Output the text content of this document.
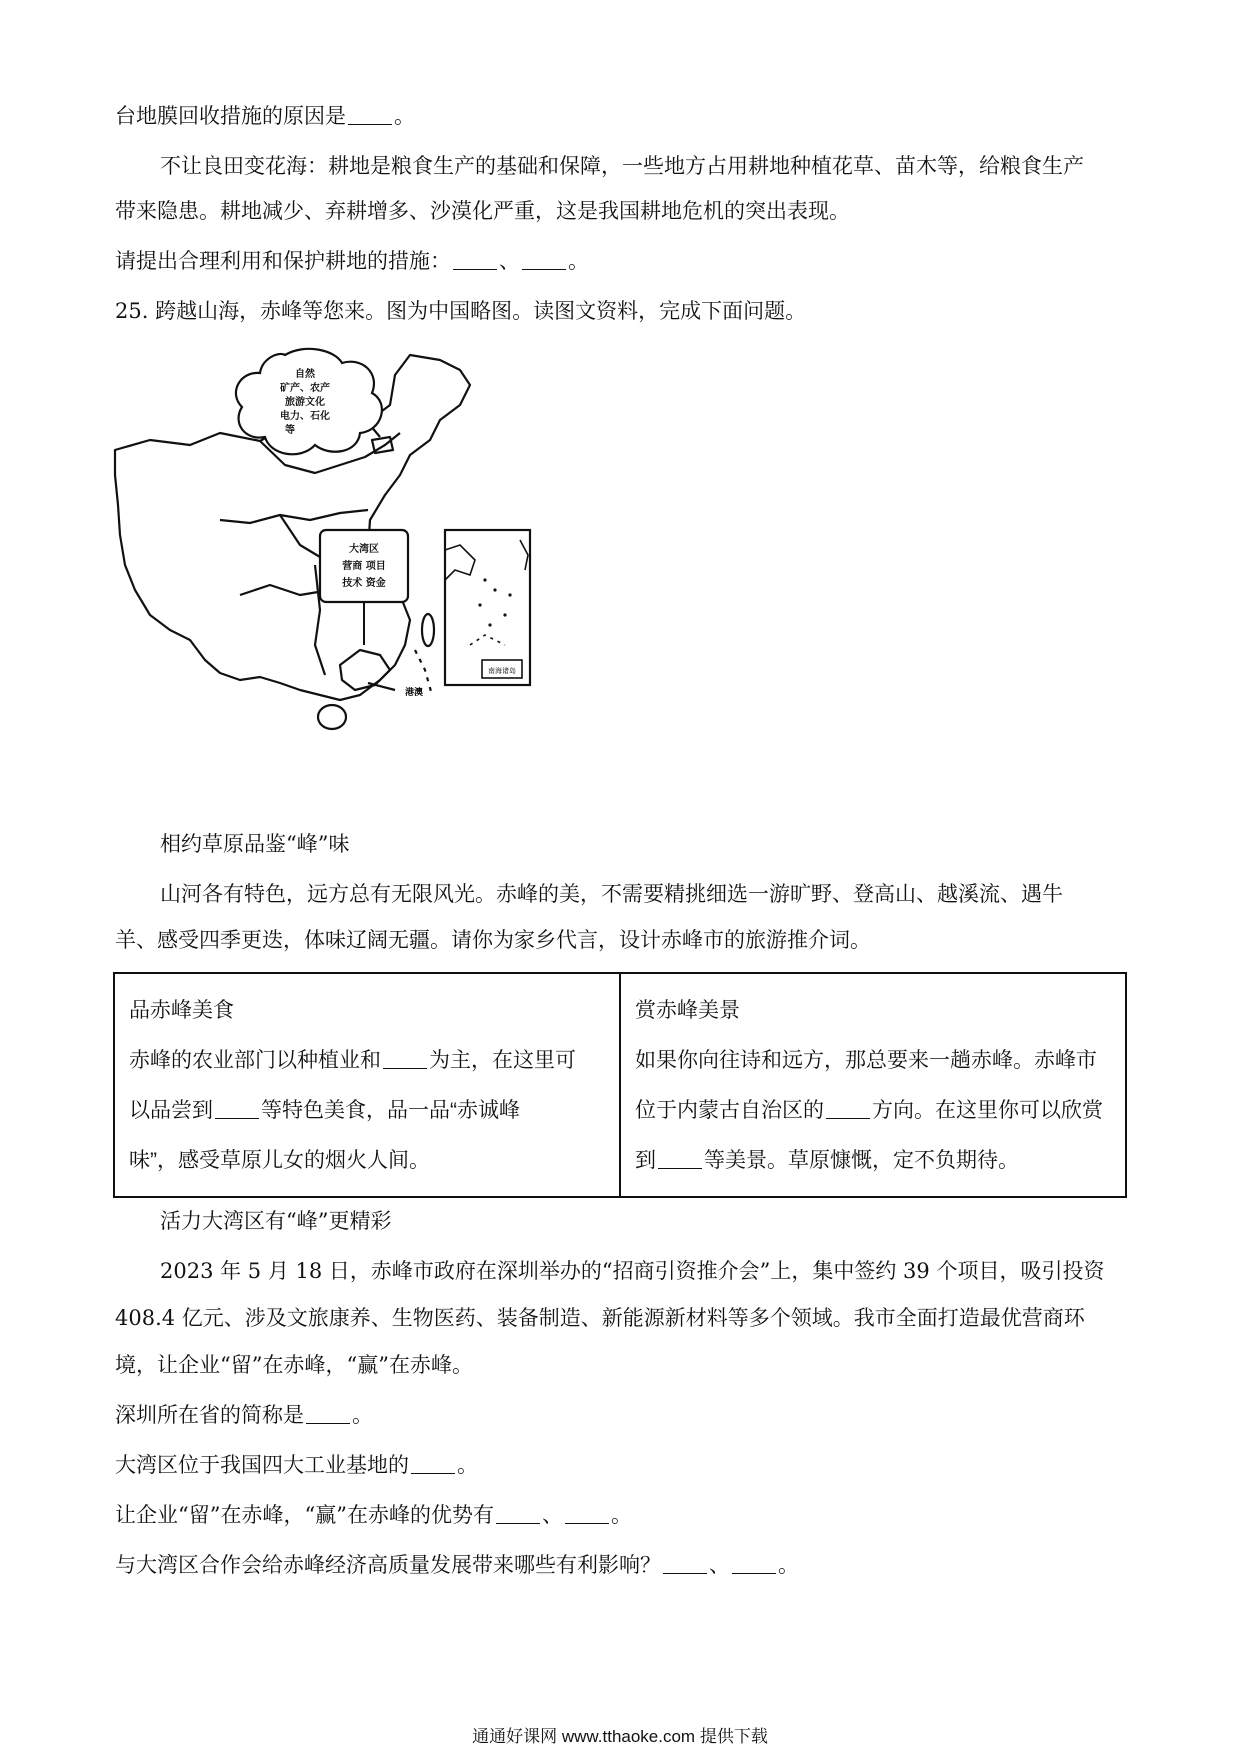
台地膜回收措施的原因是 。
不让良田变花海：耕地是粮食生产的基础和保障，一些地方占用耕地种植花草、苗木等，给粮食生产
带来隐患。耕地减少、弃耕增多、沙漠化严重，这是我国耕地危机的突出表现。
请提出合理利用和保护耕地的措施： 、 。
25. 跨越山海，赤峰等您来。图为中国略图。读图文资料，完成下面问题。
自然
矿产、农产
旅游文化
电力、石化
等
大湾区
营商 项目
技术 资金
港澳
南海诸岛
相约草原品鉴“峰”味
山河各有特色，远方总有无限风光。赤峰的美，不需要精挑细选一游旷野、登高山、越溪流、遇牛
羊、感受四季更迭，体味辽阔无疆。请你为家乡代言，设计赤峰市的旅游推介词。
品赤峰美食
赤峰的农业部门以种植业和 为主，在这里可
以品尝到 等特色美食，品一品“赤诚峰
味”，感受草原儿女的烟火人间。

赏赤峰美景
如果你向往诗和远方，那总要来一趟赤峰。赤峰市
位于内蒙古自治区的 方向。在这里你可以欣赏
到 等美景。草原慷慨，定不负期待。
活力大湾区有“峰”更精彩
2023 年 5 月 18 日，赤峰市政府在深圳举办的“招商引资推介会”上，集中签约 39 个项目，吸引投资
408.4 亿元、涉及文旅康养、生物医药、装备制造、新能源新材料等多个领域。我市全面打造最优营商环
境，让企业“留”在赤峰，“赢”在赤峰。
深圳所在省的简称是 。
大湾区位于我国四大工业基地的 。
让企业“留”在赤峰，“赢”在赤峰的优势有 、 。
与大湾区合作会给赤峰经济高质量发展带来哪些有利影响？ 、 。
通通好课网 www.tthaoke.com 提供下载
